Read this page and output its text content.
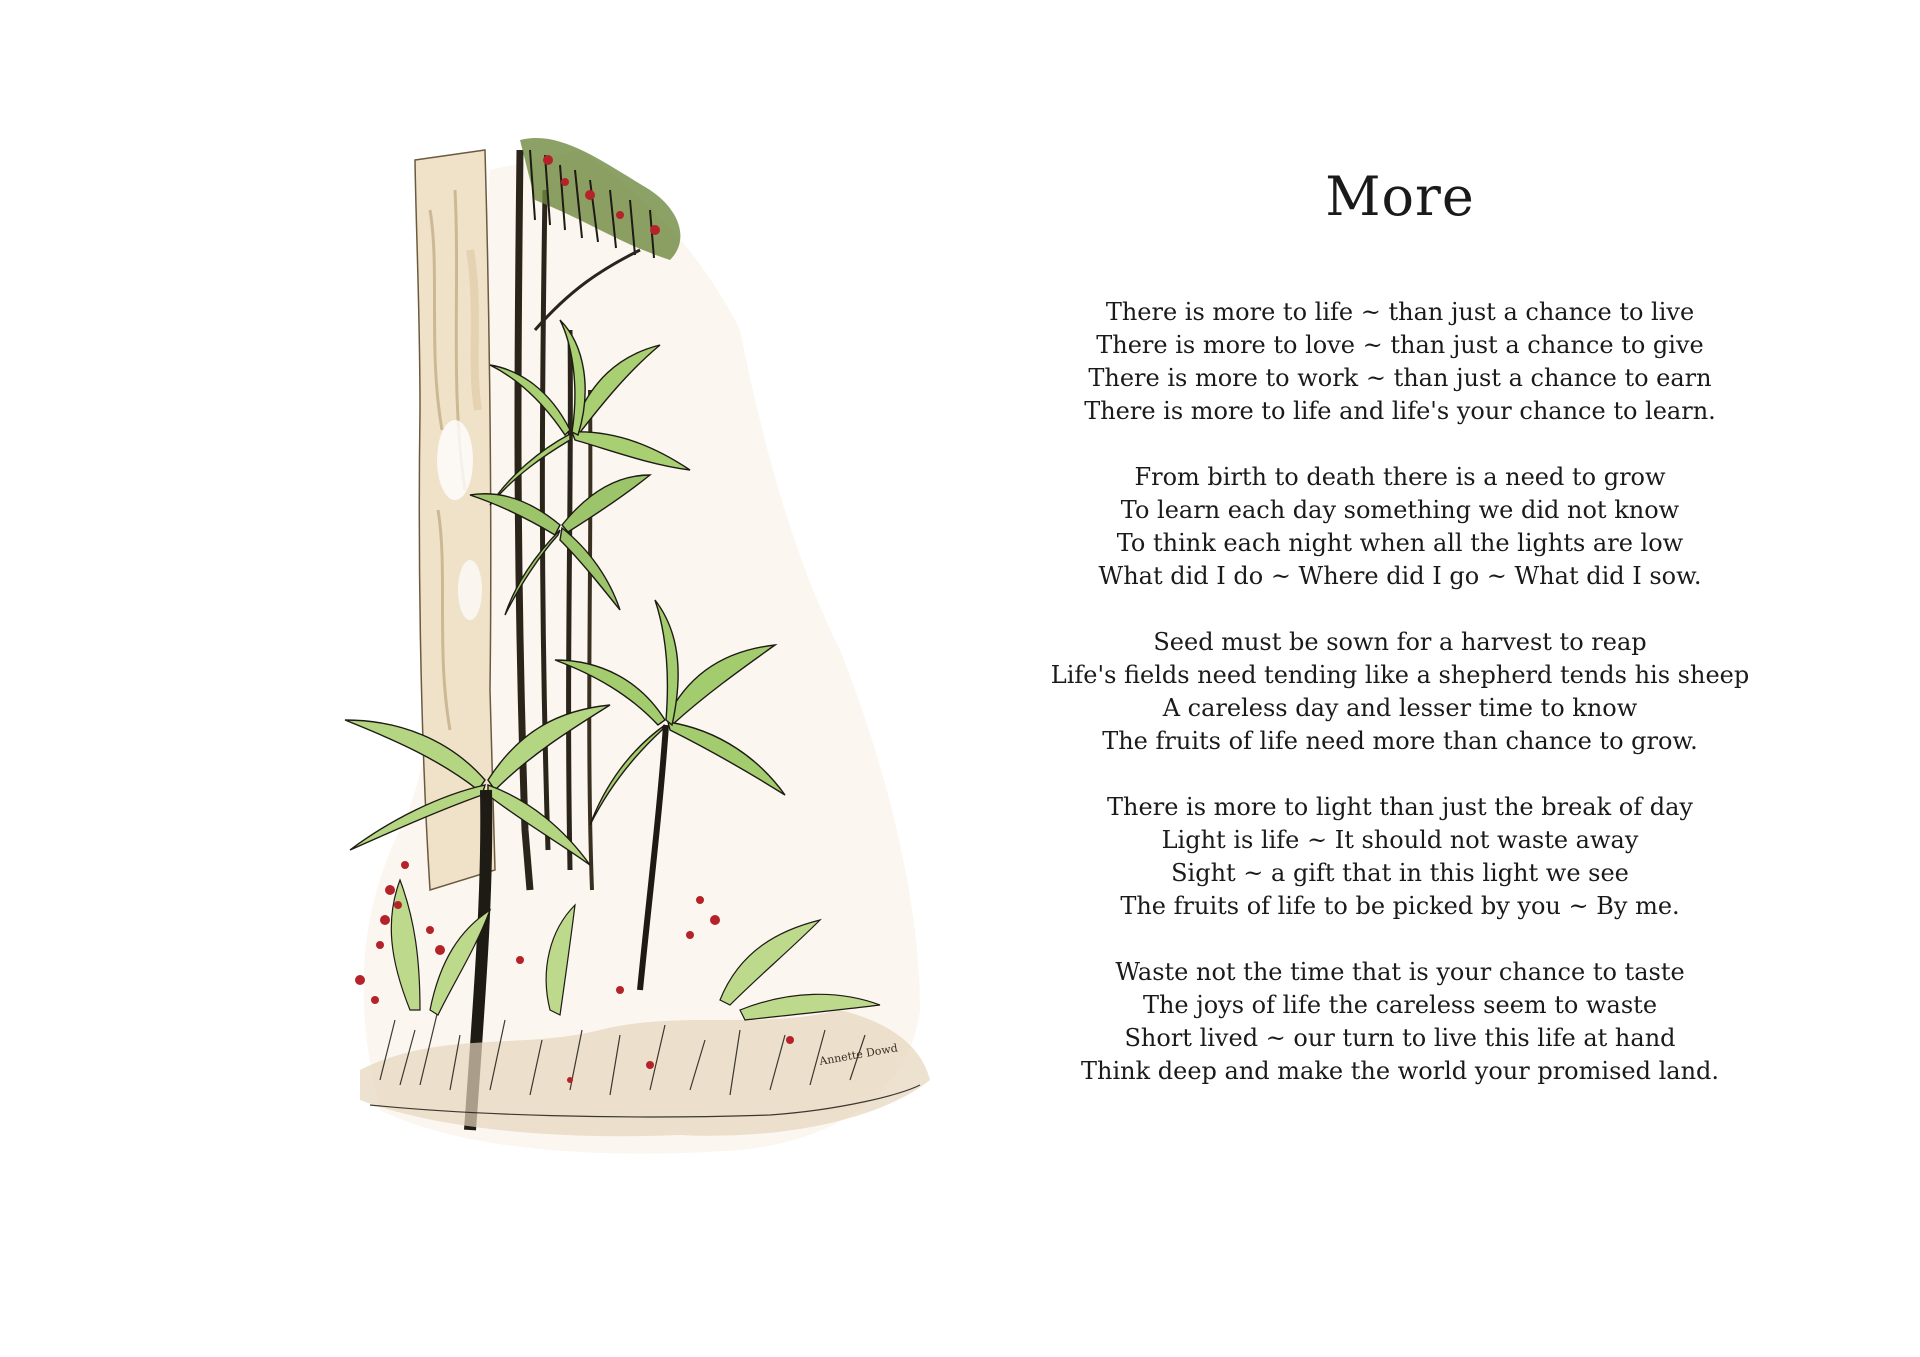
Annette Dowd
More
There is more to life ~ than just a chance to live
There is more to love ~ than just a chance to give
There is more to work ~ than just a chance to earn
There is more to life and life's your chance to learn.
From birth to death there is a need to grow
To learn each day something we did not know
To think each night when all the lights are low
What did I do ~ Where did I go ~ What did I sow.
Seed must be sown for a harvest to reap
Life's fields need tending like a shepherd tends his sheep
A careless day and lesser time to know
The fruits of life need more than chance to grow.
There is more to light than just the break of day
Light is life ~ It should not waste away
Sight ~ a gift that in this light we see
The fruits of life to be picked by you ~ By me.
Waste not the time that is your chance to taste
The joys of life the careless seem to waste
Short lived ~ our turn to live this life at hand
Think deep and make the world your promised land.
